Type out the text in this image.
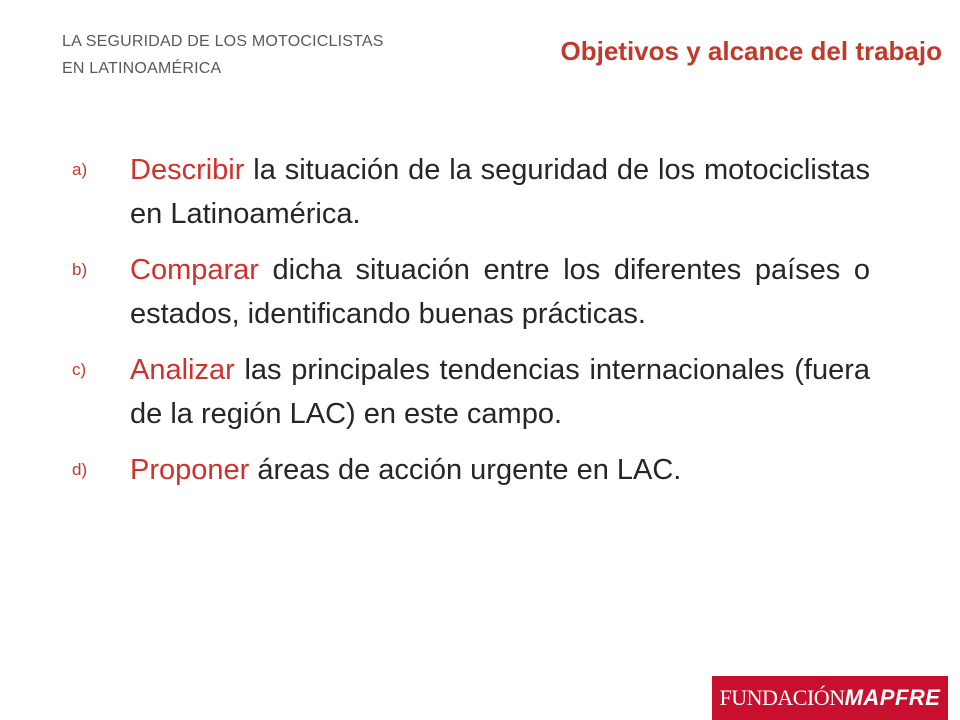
LA SEGURIDAD DE LOS MOTOCICLISTAS
EN LATINOAMÉRICA
Objetivos y alcance del trabajo
a)	Describir la situación de la seguridad de los motociclistas en Latinoamérica.
b)	Comparar dicha situación entre los diferentes países o estados, identificando buenas prácticas.
c)	Analizar las principales tendencias internacionales (fuera de la región LAC) en este campo.
d)	Proponer áreas de acción urgente en LAC.
FUNDACIÓN MAPFRE
